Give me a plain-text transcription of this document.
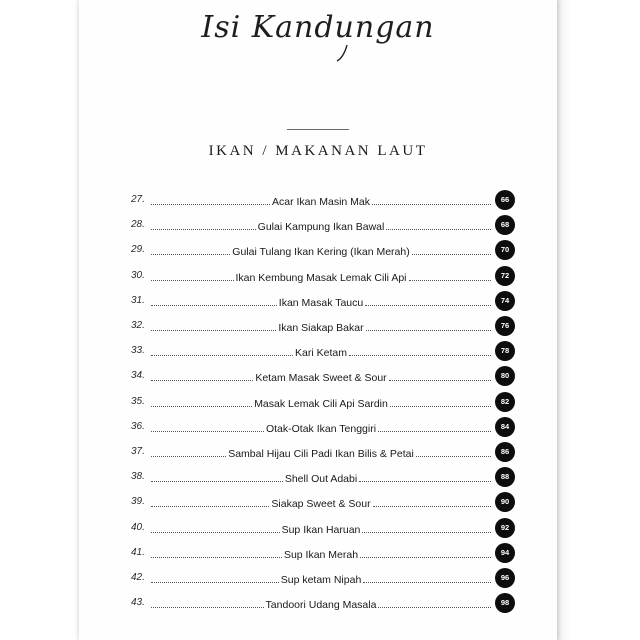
Isi Kandungan
IKAN / MAKANAN LAUT
27.	Acar Ikan Masin Mak	66
28.	Gulai Kampung Ikan Bawal	68
29.	Gulai Tulang Ikan Kering (Ikan Merah)	70
30.	Ikan Kembung Masak Lemak Cili Api	72
31.	Ikan Masak Taucu	74
32.	Ikan Siakap Bakar	76
33.	Kari Ketam	78
34.	Ketam Masak Sweet & Sour	80
35.	Masak Lemak Cili Api Sardin	82
36.	Otak-Otak Ikan Tenggiri	84
37.	Sambal Hijau Cili Padi Ikan Bilis & Petai	86
38.	Shell Out Adabi	88
39.	Siakap Sweet & Sour	90
40.	Sup Ikan Haruan	92
41.	Sup Ikan Merah	94
42.	Sup ketam Nipah	96
43.	Tandoori Udang Masala	98
